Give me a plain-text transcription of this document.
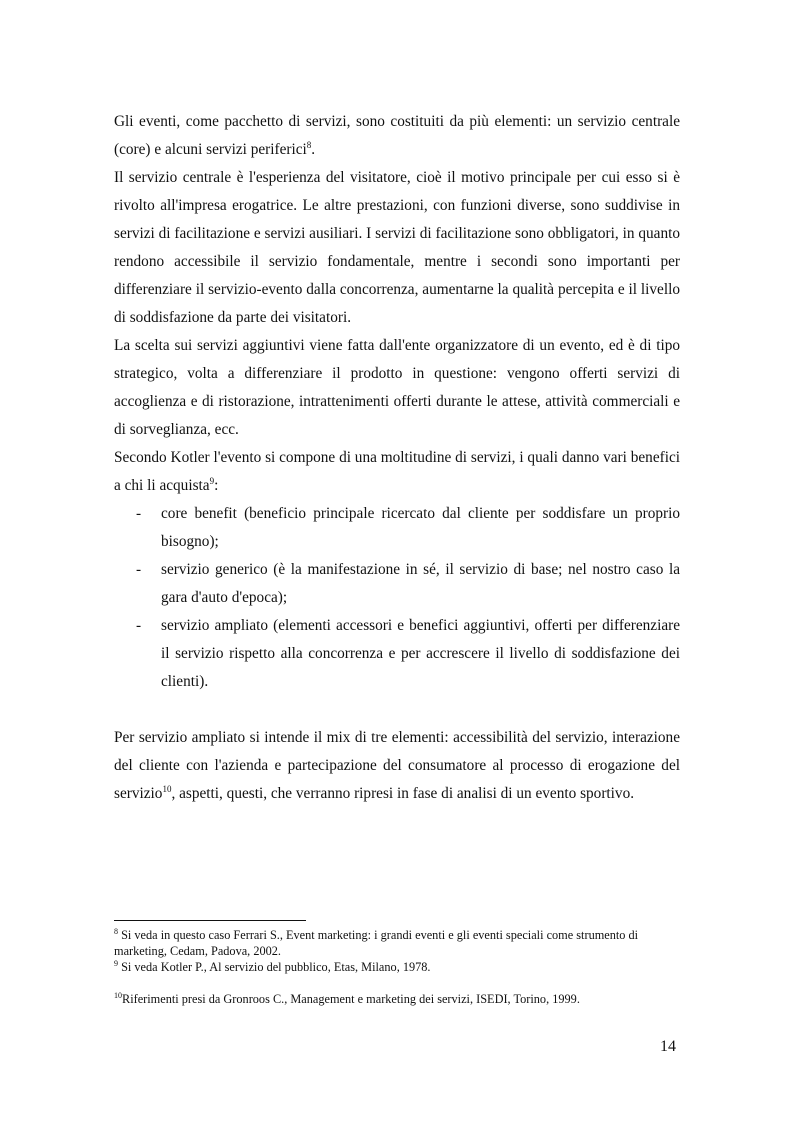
Gli eventi, come pacchetto di servizi, sono costituiti da più elementi: un servizio centrale (core) e alcuni servizi periferici$^8$.

Il servizio centrale è l'esperienza del visitatore, cioè il motivo principale per cui esso si è rivolto all'impresa erogatrice. Le altre prestazioni, con funzioni diverse, sono suddivise in servizi di facilitazione e servizi ausiliari. I servizi di facilitazione sono obbligatori, in quanto rendono accessibile il servizio fondamentale, mentre i secondi sono importanti per differenziare il servizio-evento dalla concorrenza, aumentarne la qualità percepita e il livello di soddisfazione da parte dei visitatori.

La scelta sui servizi aggiuntivi viene fatta dall'ente organizzatore di un evento, ed è di tipo strategico, volta a differenziare il prodotto in questione: vengono offerti servizi di accoglienza e di ristorazione, intrattenimenti offerti durante le attese, attività commerciali e di sorveglianza, ecc.

Secondo Kotler l'evento si compone di una moltitudine di servizi, i quali danno vari benefici a chi li acquista$^9$:

- core benefit (beneficio principale ricercato dal cliente per soddisfare un proprio bisogno);
- servizio generico (è la manifestazione in sé, il servizio di base; nel nostro caso la gara d'auto d'epoca);
- servizio ampliato (elementi accessori e benefici aggiuntivi, offerti per differenziare il servizio rispetto alla concorrenza e per accrescere il livello di soddisfazione dei clienti).

Per servizio ampliato si intende il mix di tre elementi: accessibilità del servizio, interazione del cliente con l'azienda e partecipazione del consumatore al processo di erogazione del servizio$^{10}$, aspetti, questi, che verranno ripresi in fase di analisi di un evento sportivo.

$^8$ Si veda in questo caso Ferrari S., Event marketing: i grandi eventi e gli eventi speciali come strumento di marketing, Cedam, Padova, 2002.

$^9$ Si veda Kotler P., Al servizio del pubblico, Etas, Milano, 1978.

$^{10}$Riferimenti presi da Gronroos C., Management e marketing dei servizi, ISEDI, Torino, 1999.

14
